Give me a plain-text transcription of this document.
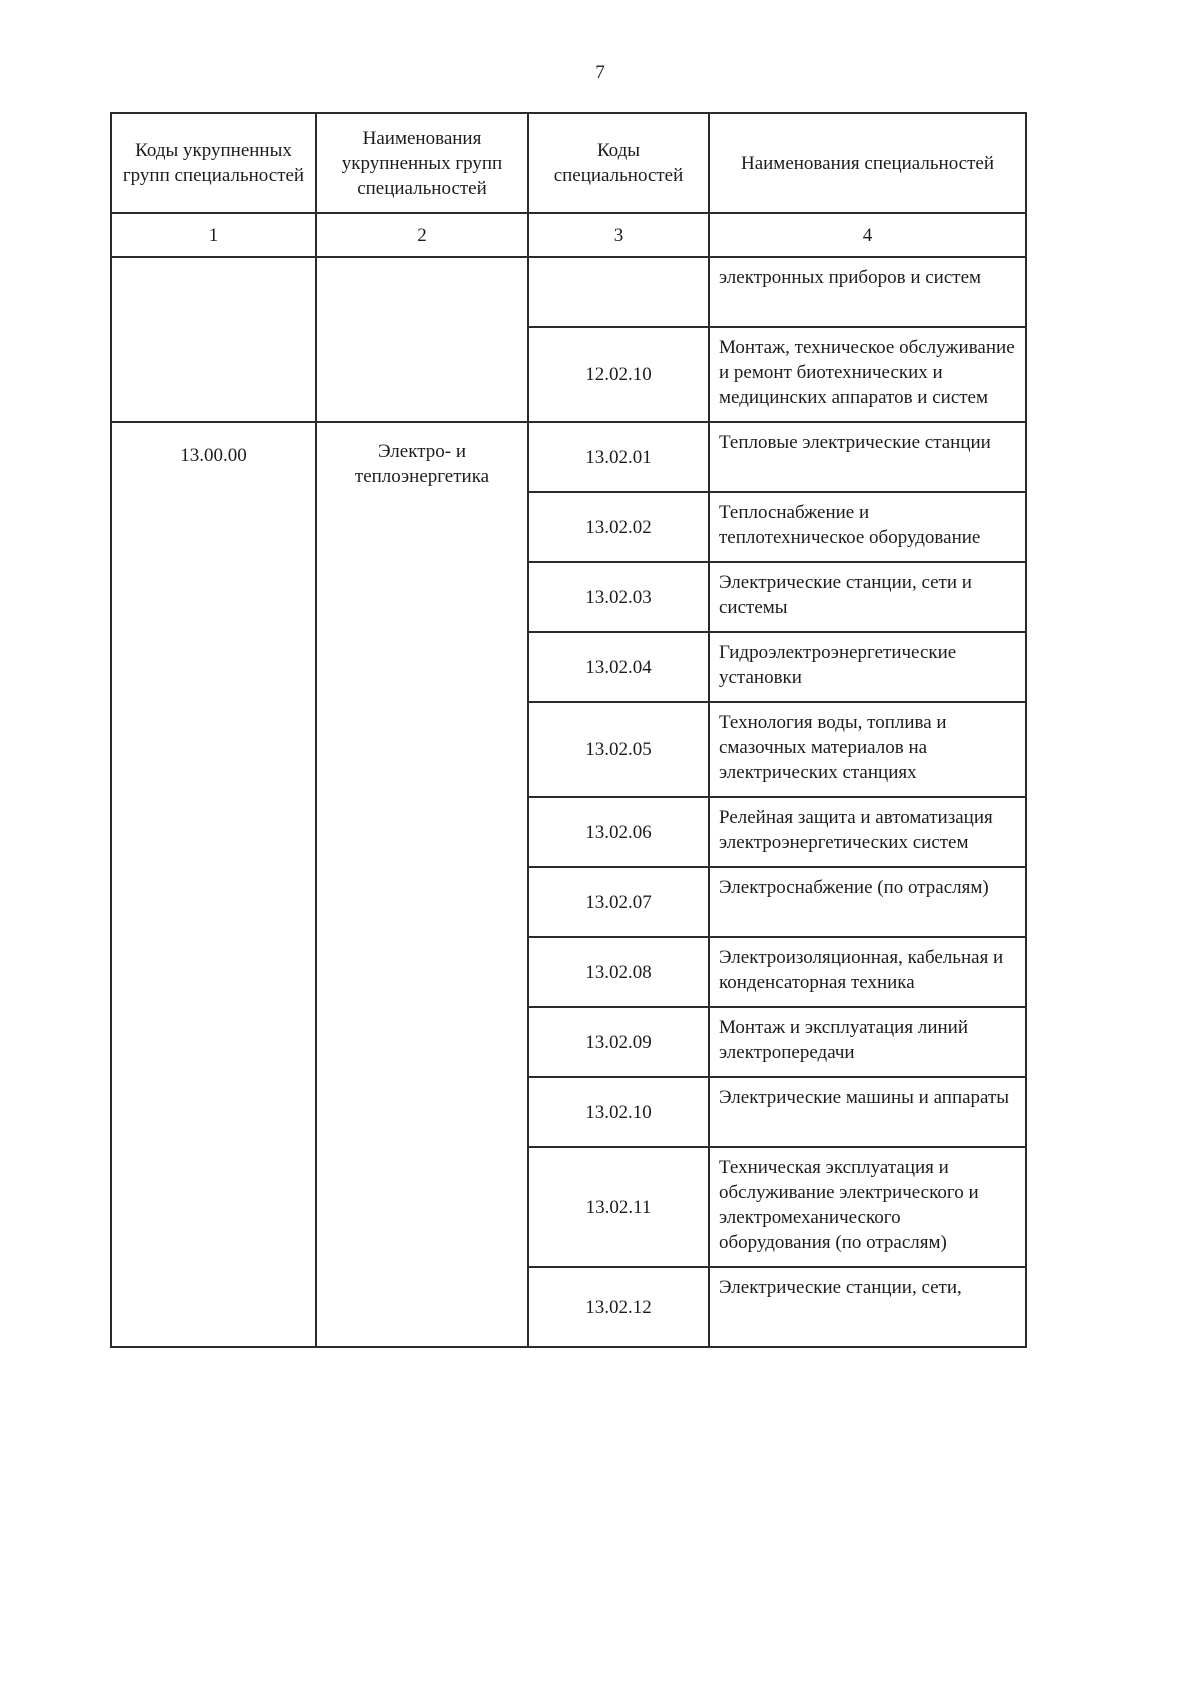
7
Коды укрупненных групп специальностей	Наименования укрупненных групп специальностей	Коды специальностей	Наименования специальностей
1	2	3	4
			электронных приборов и систем
		12.02.10	Монтаж, техническое обслуживание и ремонт биотехнических и медицинских аппаратов и систем
13.00.00	Электро- и теплоэнергетика	13.02.01	Тепловые электрические станции
		13.02.02	Теплоснабжение и теплотехническое оборудование
		13.02.03	Электрические станции, сети и системы
		13.02.04	Гидроэлектроэнергетические установки
		13.02.05	Технология воды, топлива и смазочных материалов на электрических станциях
		13.02.06	Релейная защита и автоматизация электроэнергетических систем
		13.02.07	Электроснабжение (по отраслям)
		13.02.08	Электроизоляционная, кабельная и конденсаторная техника
		13.02.09	Монтаж и эксплуатация линий электропередачи
		13.02.10	Электрические машины и аппараты
		13.02.11	Техническая эксплуатация и обслуживание электрического и электромеханического оборудования (по отраслям)
		13.02.12	Электрические станции, сети,
